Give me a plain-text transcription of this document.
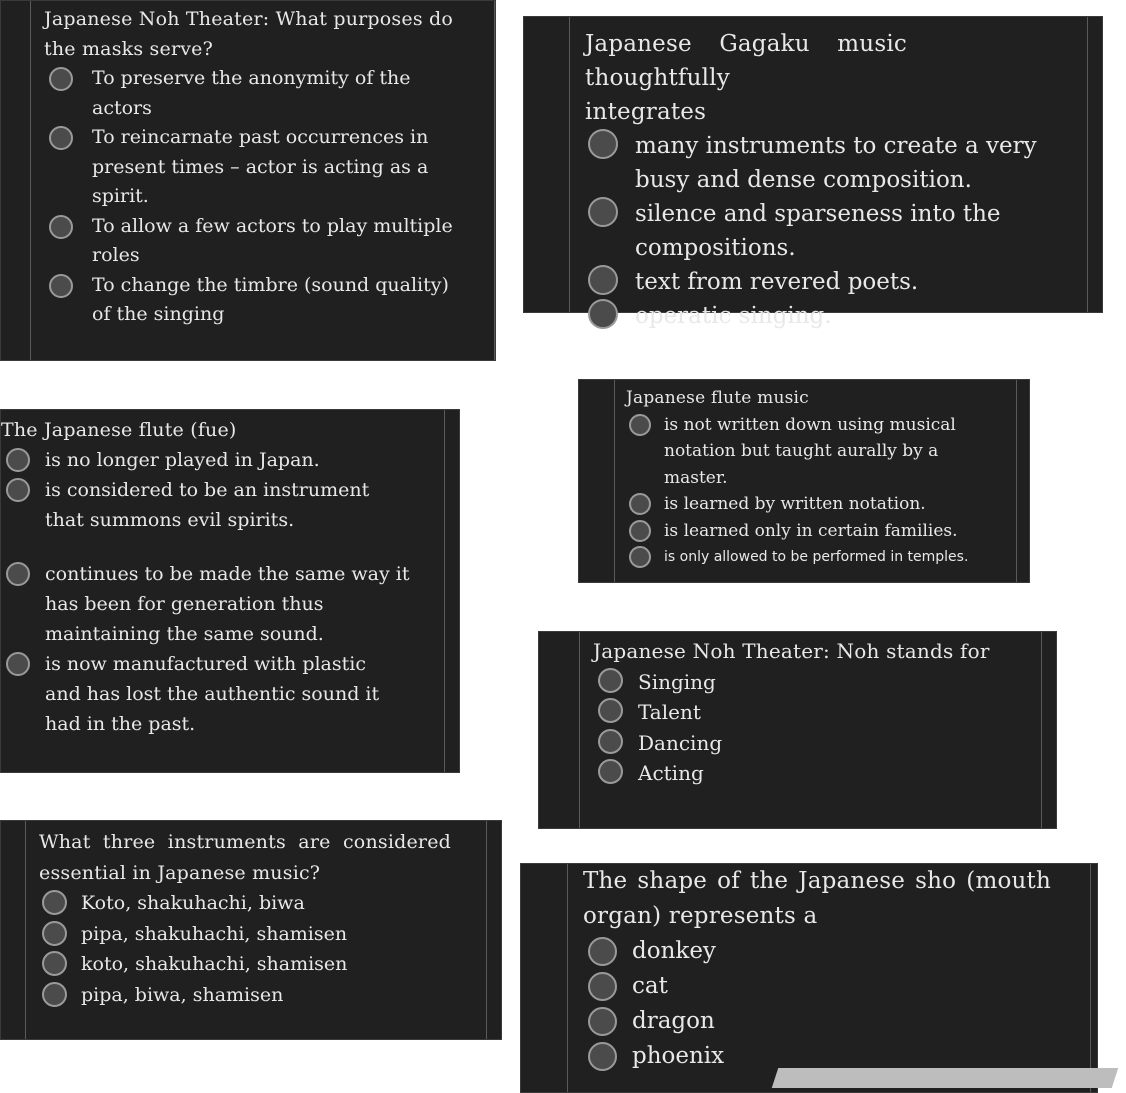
Japanese Noh Theater: What purposes do
the masks serve?

To preserve the anonymity of the
actors
To reincarnate past occurrences in
present times – actor is acting as a
spirit.
To allow a few actors to play multiple
roles
To change the timbre (sound quality)
of the singing

Japanese Gagaku music thoughtfully
integrates

many instruments to create a very
busy and dense composition.
silence and sparseness into the
compositions.
text from revered poets.
operatic singing.

The Japanese flute (fue)

is no longer played in Japan.
is considered to be an instrument
that summons evil spirits.
continues to be made the same way it
has been for generation thus
maintaining the same sound.
is now manufactured with plastic
and has lost the authentic sound it
had in the past.

Japanese flute music

is not written down using musical
notation but taught aurally by a
master.
is learned by written notation.
is learned only in certain families.
is only allowed to be performed in temples.

Japanese Noh Theater: Noh stands for

Singing
Talent
Dancing
Acting

What three instruments are considered
essential in Japanese music?

Koto, shakuhachi, biwa
pipa, shakuhachi, shamisen
koto, shakuhachi, shamisen
pipa, biwa, shamisen

The shape of the Japanese sho (mouth
organ) represents a

donkey
cat
dragon
phoenix
